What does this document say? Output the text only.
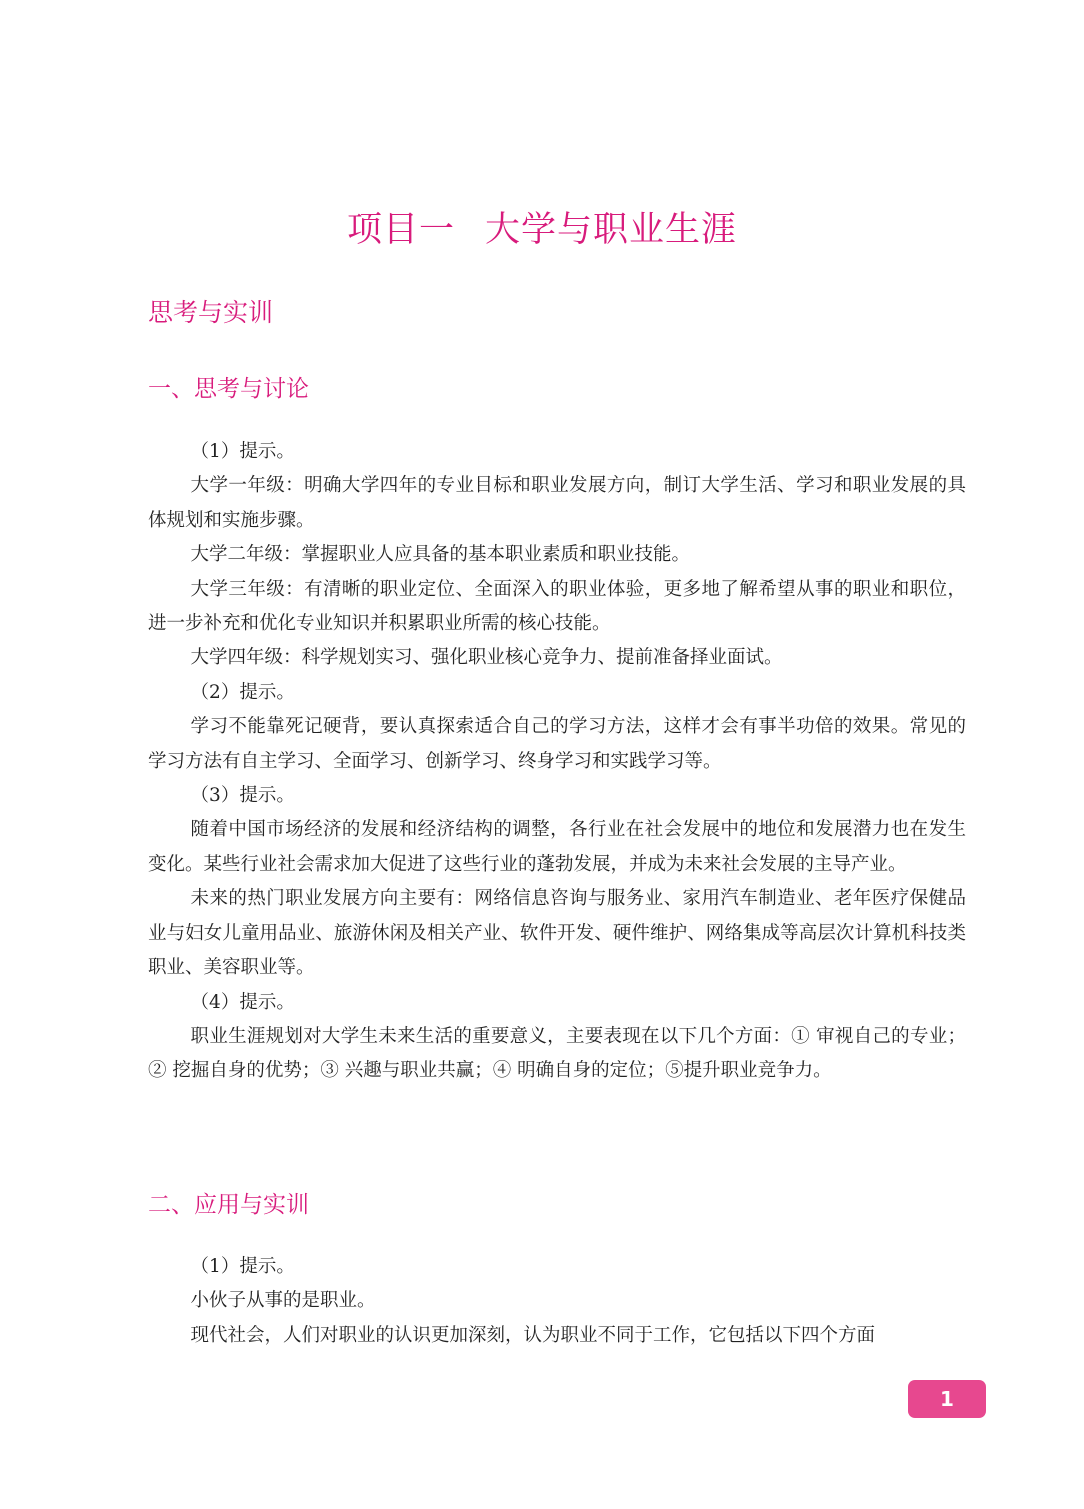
项目一 大学与职业生涯
思考与实训
一、思考与讨论

（1）提示。

大学一年级：明确大学四年的专业目标和职业发展方向，制订大学生活、学习和职业发展的具体规划和实施步骤。

大学二年级：掌握职业人应具备的基本职业素质和职业技能。

大学三年级：有清晰的职业定位、全面深入的职业体验，更多地了解希望从事的职业和职位，进一步补充和优化专业知识并积累职业所需的核心技能。

大学四年级：科学规划实习、强化职业核心竞争力、提前准备择业面试。

（2）提示。

学习不能靠死记硬背，要认真探索适合自己的学习方法，这样才会有事半功倍的效果。常见的学习方法有自主学习、全面学习、创新学习、终身学习和实践学习等。

（3）提示。

随着中国市场经济的发展和经济结构的调整，各行业在社会发展中的地位和发展潜力也在发生变化。某些行业社会需求加大促进了这些行业的蓬勃发展，并成为未来社会发展的主导产业。

未来的热门职业发展方向主要有：网络信息咨询与服务业、家用汽车制造业、老年医疗保健品业与妇女儿童用品业、旅游休闲及相关产业、软件开发、硬件维护、网络集成等高层次计算机科技类职业、美容职业等。

（4）提示。

职业生涯规划对大学生未来生活的重要意义，主要表现在以下几个方面：① 审视自己的专业；② 挖掘自身的优势；③ 兴趣与职业共赢；④ 明确自身的定位；⑤提升职业竞争力。

二、应用与实训

（1）提示。

小伙子从事的是职业。

现代社会，人们对职业的认识更加深刻，认为职业不同于工作，它包括以下四个方面

1
